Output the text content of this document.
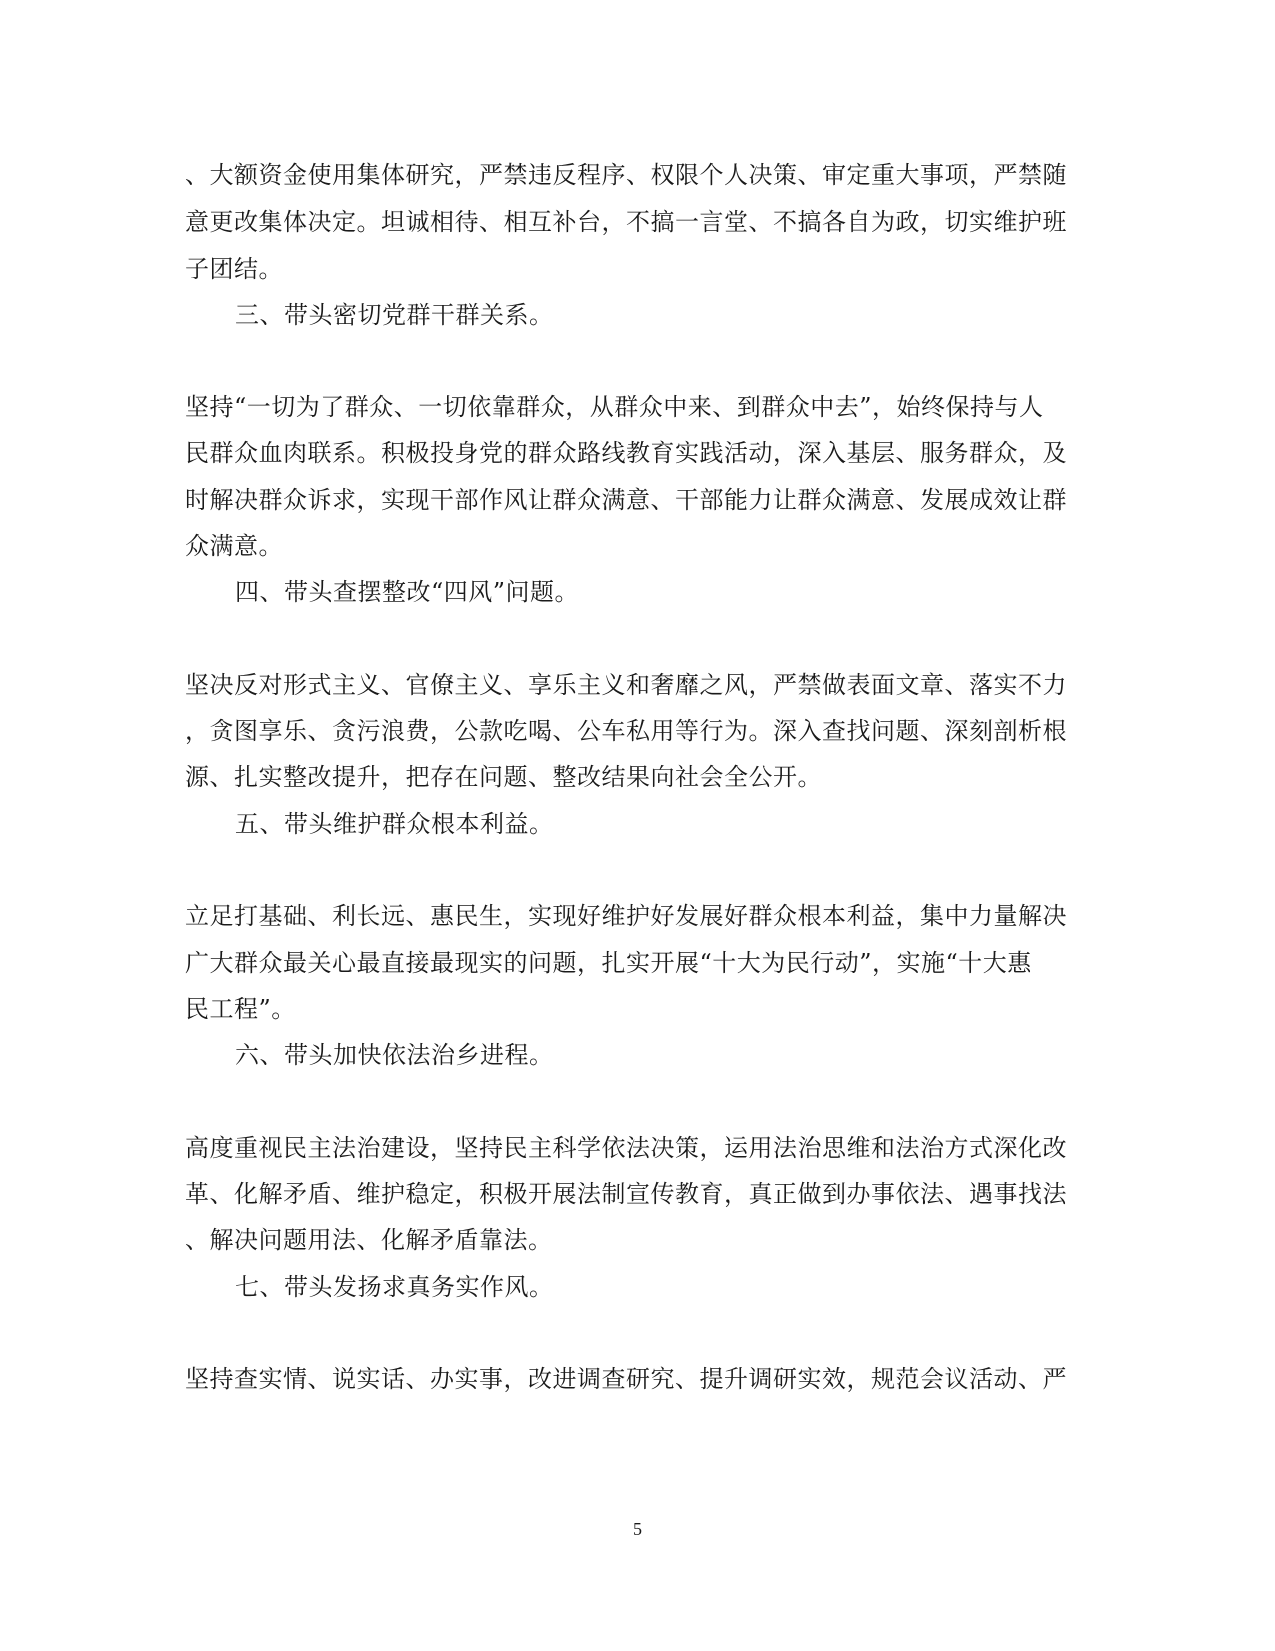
、大额资金使用集体研究，严禁违反程序、权限个人决策、审定重大事项，严禁随

意更改集体决定。坦诚相待、相互补台，不搞一言堂、不搞各自为政，切实维护班

子团结。

三、带头密切党群干群关系。

坚持“一切为了群众、一切依靠群众，从群众中来、到群众中去”，始终保持与人

民群众血肉联系。积极投身党的群众路线教育实践活动，深入基层、服务群众，及

时解决群众诉求，实现干部作风让群众满意、干部能力让群众满意、发展成效让群

众满意。

四、带头查摆整改“四风”问题。

坚决反对形式主义、官僚主义、享乐主义和奢靡之风，严禁做表面文章、落实不力

，贪图享乐、贪污浪费，公款吃喝、公车私用等行为。深入查找问题、深刻剖析根

源、扎实整改提升，把存在问题、整改结果向社会全公开。

五、带头维护群众根本利益。

立足打基础、利长远、惠民生，实现好维护好发展好群众根本利益，集中力量解决

广大群众最关心最直接最现实的问题，扎实开展“十大为民行动”，实施“十大惠

民工程”。

六、带头加快依法治乡进程。

高度重视民主法治建设，坚持民主科学依法决策，运用法治思维和法治方式深化改

革、化解矛盾、维护稳定，积极开展法制宣传教育，真正做到办事依法、遇事找法

、解决问题用法、化解矛盾靠法。

七、带头发扬求真务实作风。

坚持查实情、说实话、办实事，改进调查研究、提升调研实效，规范会议活动、严

5
